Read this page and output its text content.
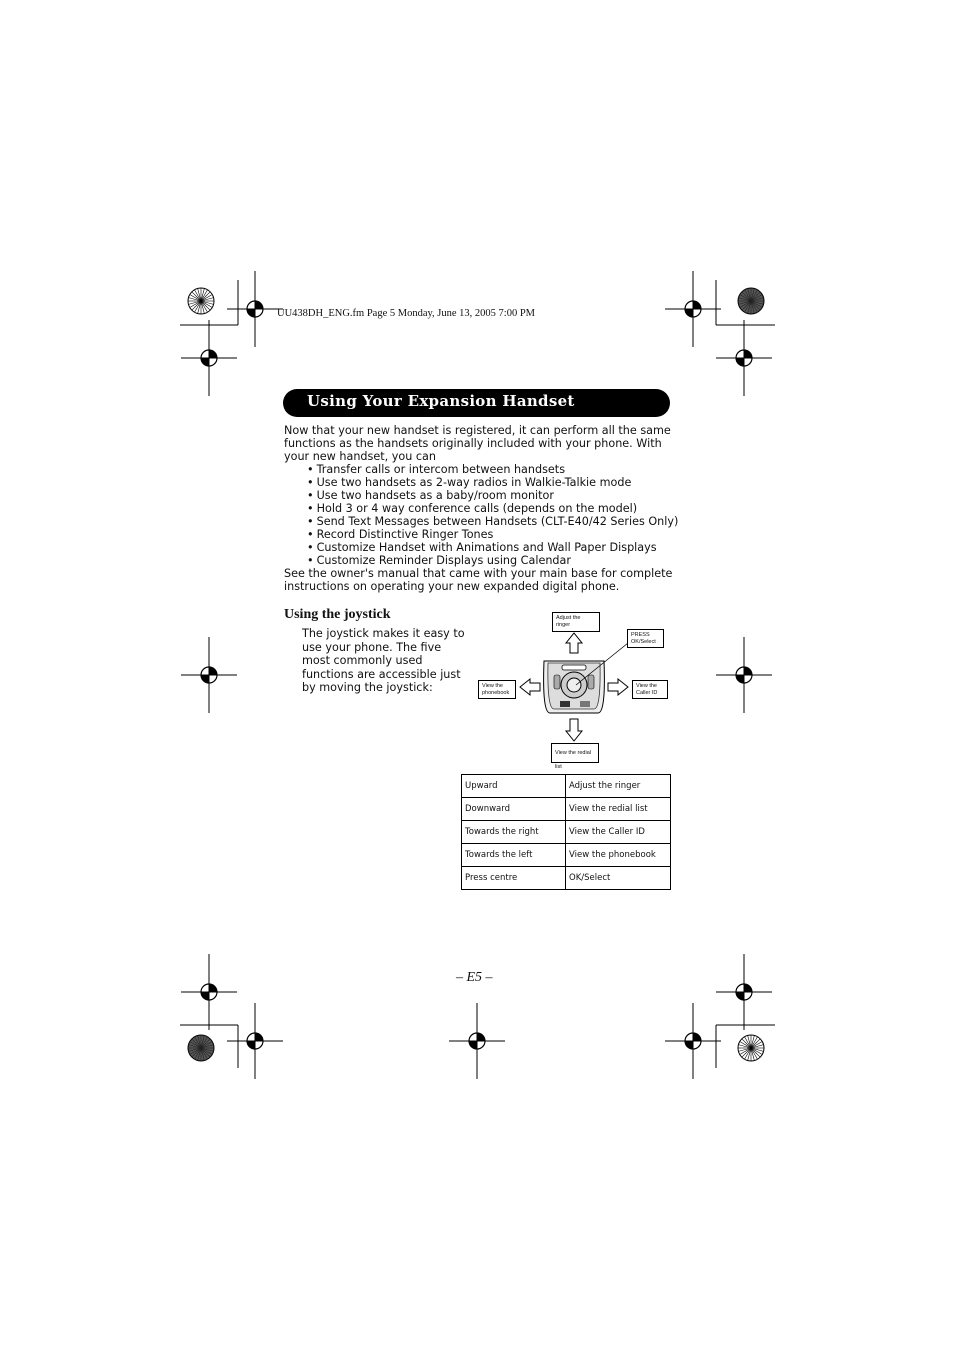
UU438DH_ENG.fm Page 5 Monday, June 13, 2005 7:00 PM
Using Your Expansion Handset
Now that your new handset is registered, it can perform all the same
functions as the handsets originally included with your phone. With
your new handset, you can
• Transfer calls or intercom between handsets
• Use two handsets as 2-way radios in Walkie-Talkie mode
• Use two handsets as a baby/room monitor
• Hold 3 or 4 way conference calls (depends on the model)
• Send Text Messages between Handsets (CLT-E40/42 Series Only)
• Record Distinctive Ringer Tones
• Customize Handset with Animations and Wall Paper Displays
• Customize Reminder Displays using Calendar
See the owner's manual that came with your main base for complete
instructions on operating your new expanded digital phone.
Using the joystick
The joystick makes it easy to use your phone. The five most commonly used functions are accessible just by moving the joystick:
Adjust the ringer
PRESS
OK/Select
View the
phonebook
View the
Caller ID
View the redial list
Upward	Adjust the ringer
Downward	View the redial list
Towards the right	View the Caller ID
Towards the left	View the phonebook
Press centre	OK/Select
– E5 –
